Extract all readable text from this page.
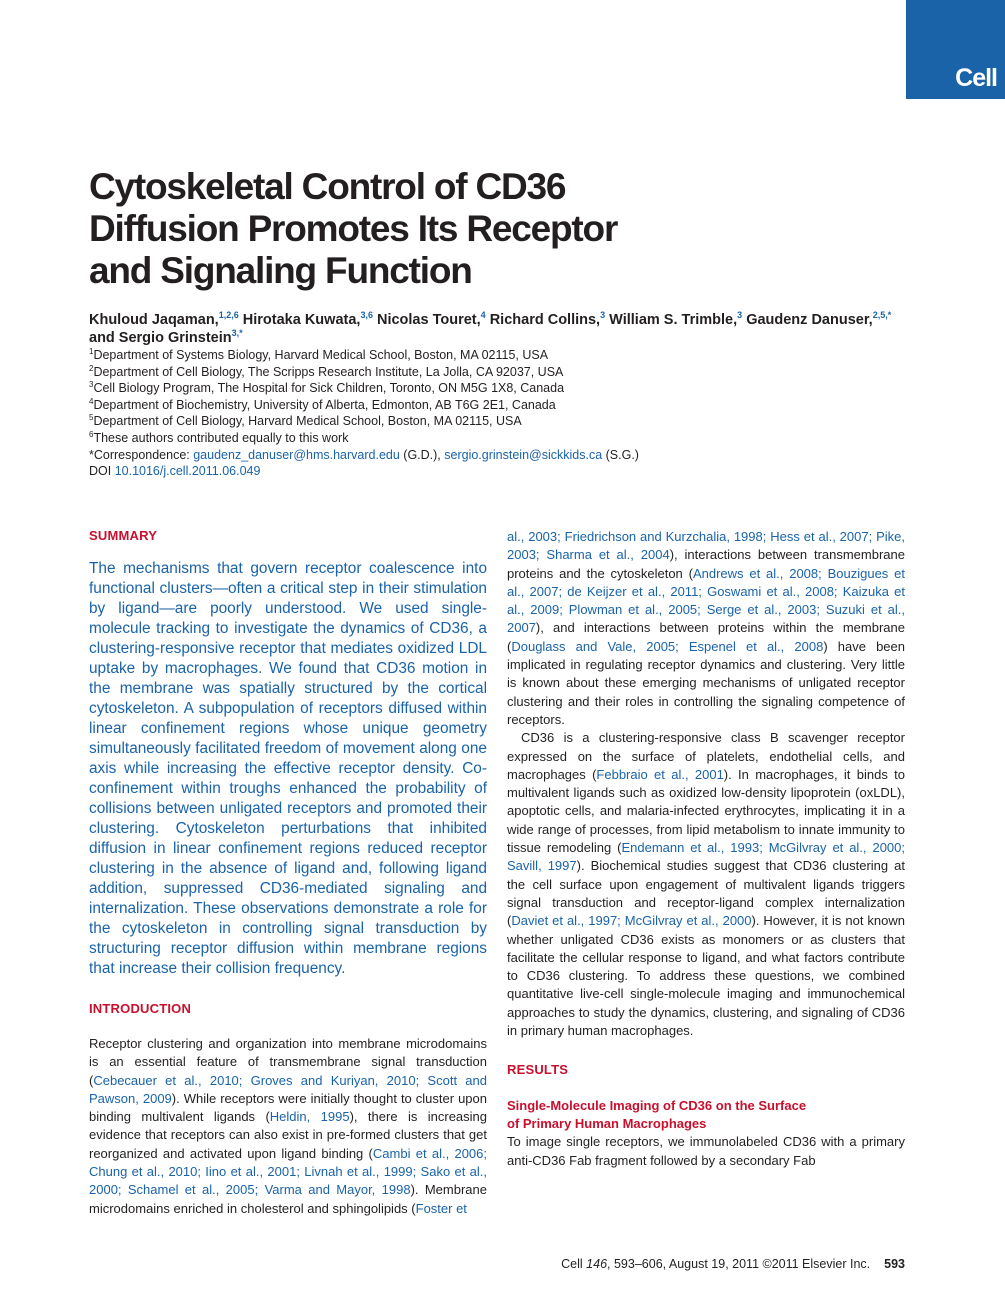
Cell
Cytoskeletal Control of CD36
Diffusion Promotes Its Receptor
and Signaling Function
Khuloud Jaqaman,$^{1,2,6}$ Hirotaka Kuwata,$^{3,6}$ Nicolas Touret,$^4$ Richard Collins,$^3$ William S. Trimble,$^3$ Gaudenz Danuser,$^{2,5,*}$
and Sergio Grinstein$^{3,*}$
$^1$Department of Systems Biology, Harvard Medical School, Boston, MA 02115, USA
$^2$Department of Cell Biology, The Scripps Research Institute, La Jolla, CA 92037, USA
$^3$Cell Biology Program, The Hospital for Sick Children, Toronto, ON M5G 1X8, Canada
$^4$Department of Biochemistry, University of Alberta, Edmonton, AB T6G 2E1, Canada
$^5$Department of Cell Biology, Harvard Medical School, Boston, MA 02115, USA
$^6$These authors contributed equally to this work
*Correspondence: gaudenz_danuser@hms.harvard.edu (G.D.), sergio.grinstein@sickkids.ca (S.G.)
DOI 10.1016/j.cell.2011.06.049
SUMMARY
The mechanisms that govern receptor coalescence into functional clusters—often a critical step in their stimulation by ligand—are poorly understood. We used single-molecule tracking to investigate the dynamics of CD36, a clustering-responsive receptor that mediates oxidized LDL uptake by macrophages. We found that CD36 motion in the membrane was spatially structured by the cortical cytoskeleton. A subpopulation of receptors diffused within linear confinement regions whose unique geometry simultaneously facilitated freedom of movement along one axis while increasing the effective receptor density. Co-confinement within troughs enhanced the probability of collisions between unligated receptors and promoted their clustering. Cytoskeleton perturbations that inhibited diffusion in linear confinement regions reduced receptor clustering in the absence of ligand and, following ligand addition, suppressed CD36-mediated signaling and internalization. These observations demonstrate a role for the cytoskeleton in controlling signal transduction by structuring receptor diffusion within membrane regions that increase their collision frequency.
INTRODUCTION
Receptor clustering and organization into membrane microdomains is an essential feature of transmembrane signal transduction (Cebecauer et al., 2010; Groves and Kuriyan, 2010; Scott and Pawson, 2009). While receptors were initially thought to cluster upon binding multivalent ligands (Heldin, 1995), there is increasing evidence that receptors can also exist in pre-formed clusters that get reorganized and activated upon ligand binding (Cambi et al., 2006; Chung et al., 2010; Iino et al., 2001; Livnah et al., 1999; Sako et al., 2000; Schamel et al., 2005; Varma and Mayor, 1998). Membrane microdomains enriched in cholesterol and sphingolipids (Foster et
al., 2003; Friedrichson and Kurzchalia, 1998; Hess et al., 2007; Pike, 2003; Sharma et al., 2004), interactions between transmembrane proteins and the cytoskeleton (Andrews et al., 2008; Bouzigues et al., 2007; de Keijzer et al., 2011; Goswami et al., 2008; Kaizuka et al., 2009; Plowman et al., 2005; Serge et al., 2003; Suzuki et al., 2007), and interactions between proteins within the membrane (Douglass and Vale, 2005; Espenel et al., 2008) have been implicated in regulating receptor dynamics and clustering. Very little is known about these emerging mechanisms of unligated receptor clustering and their roles in controlling the signaling competence of receptors.
CD36 is a clustering-responsive class B scavenger receptor expressed on the surface of platelets, endothelial cells, and macrophages (Febbraio et al., 2001). In macrophages, it binds to multivalent ligands such as oxidized low-density lipoprotein (oxLDL), apoptotic cells, and malaria-infected erythrocytes, implicating it in a wide range of processes, from lipid metabolism to innate immunity to tissue remodeling (Endemann et al., 1993; McGilvray et al., 2000; Savill, 1997). Biochemical studies suggest that CD36 clustering at the cell surface upon engagement of multivalent ligands triggers signal transduction and receptor-ligand complex internalization (Daviet et al., 1997; McGilvray et al., 2000). However, it is not known whether unligated CD36 exists as monomers or as clusters that facilitate the cellular response to ligand, and what factors contribute to CD36 clustering. To address these questions, we combined quantitative live-cell single-molecule imaging and immunochemical approaches to study the dynamics, clustering, and signaling of CD36 in primary human macrophages.
RESULTS
Single-Molecule Imaging of CD36 on the Surface
of Primary Human Macrophages
To image single receptors, we immunolabeled CD36 with a primary anti-CD36 Fab fragment followed by a secondary Fab
Cell 146, 593–606, August 19, 2011 ©2011 Elsevier Inc. 593
